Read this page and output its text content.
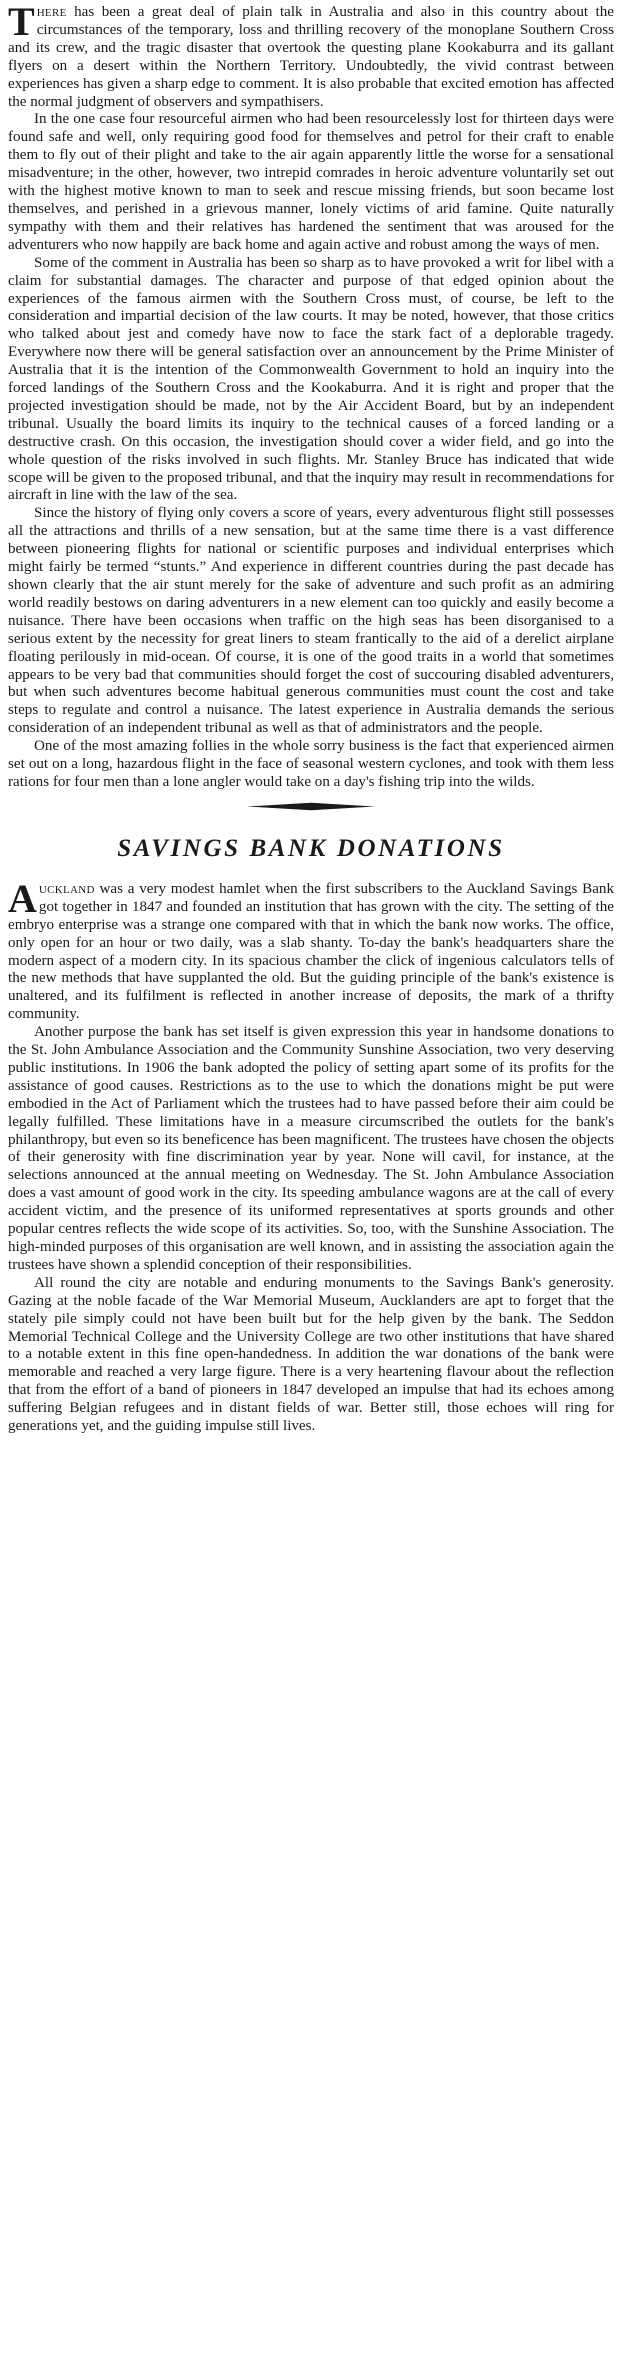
There has been a great deal of plain talk in Australia and also in this country about the circumstances of the temporary, loss and thrilling recovery of the monoplane Southern Cross and its crew, and the tragic disaster that overtook the questing plane Kookaburra and its gallant flyers on a desert within the Northern Territory. Undoubtedly, the vivid contrast between experiences has given a sharp edge to comment. It is also probable that excited emotion has affected the normal judgment of observers and sympathisers.

In the one case four resourceful airmen who had been resourcelessly lost for thirteen days were found safe and well, only requiring good food for themselves and petrol for their craft to enable them to fly out of their plight and take to the air again apparently little the worse for a sensational misadventure; in the other, however, two intrepid comrades in heroic adventure voluntarily set out with the highest motive known to man to seek and rescue missing friends, but soon became lost themselves, and perished in a grievous manner, lonely victims of arid famine. Quite naturally sympathy with them and their relatives has hardened the sentiment that was aroused for the adventurers who now happily are back home and again active and robust among the ways of men.

Some of the comment in Australia has been so sharp as to have provoked a writ for libel with a claim for substantial damages. The character and purpose of that edged opinion about the experiences of the famous airmen with the Southern Cross must, of course, be left to the consideration and impartial decision of the law courts. It may be noted, however, that those critics who talked about jest and comedy have now to face the stark fact of a deplorable tragedy. Everywhere now there will be general satisfaction over an announcement by the Prime Minister of Australia that it is the intention of the Commonwealth Government to hold an inquiry into the forced landings of the Southern Cross and the Kookaburra. And it is right and proper that the projected investigation should be made, not by the Air Accident Board, but by an independent tribunal. Usually the board limits its inquiry to the technical causes of a forced landing or a destructive crash. On this occasion, the investigation should cover a wider field, and go into the whole question of the risks involved in such flights. Mr. Stanley Bruce has indicated that wide scope will be given to the proposed tribunal, and that the inquiry may result in recommendations for aircraft in line with the law of the sea.

Since the history of flying only covers a score of years, every adventurous flight still possesses all the attractions and thrills of a new sensation, but at the same time there is a vast difference between pioneering flights for national or scientific purposes and individual enterprises which might fairly be termed “stunts.” And experience in different countries during the past decade has shown clearly that the air stunt merely for the sake of adventure and such profit as an admiring world readily bestows on daring adventurers in a new element can too quickly and easily become a nuisance. There have been occasions when traffic on the high seas has been disorganised to a serious extent by the necessity for great liners to steam frantically to the aid of a derelict airplane floating perilously in mid-ocean. Of course, it is one of the good traits in a world that sometimes appears to be very bad that communities should forget the cost of succouring disabled adventurers, but when such adventures become habitual generous communities must count the cost and take steps to regulate and control a nuisance. The latest experience in Australia demands the serious consideration of an independent tribunal as well as that of administrators and the people.

One of the most amazing follies in the whole sorry business is the fact that experienced airmen set out on a long, hazardous flight in the face of seasonal western cyclones, and took with them less rations for four men than a lone angler would take on a day's fishing trip into the wilds.

SAVINGS BANK DONATIONS

Auckland was a very modest hamlet when the first subscribers to the Auckland Savings Bank got together in 1847 and founded an institution that has grown with the city. The setting of the embryo enterprise was a strange one compared with that in which the bank now works. The office, only open for an hour or two daily, was a slab shanty. To-day the bank's headquarters share the modern aspect of a modern city. In its spacious chamber the click of ingenious calculators tells of the new methods that have supplanted the old. But the guiding principle of the bank's existence is unaltered, and its fulfilment is reflected in another increase of deposits, the mark of a thrifty community.

Another purpose the bank has set itself is given expression this year in handsome donations to the St. John Ambulance Association and the Community Sunshine Association, two very deserving public institutions. In 1906 the bank adopted the policy of setting apart some of its profits for the assistance of good causes. Restrictions as to the use to which the donations might be put were embodied in the Act of Parliament which the trustees had to have passed before their aim could be legally fulfilled. These limitations have in a measure circumscribed the outlets for the bank's philanthropy, but even so its beneficence has been magnificent. The trustees have chosen the objects of their generosity with fine discrimination year by year. None will cavil, for instance, at the selections announced at the annual meeting on Wednesday. The St. John Ambulance Association does a vast amount of good work in the city. Its speeding ambulance wagons are at the call of every accident victim, and the presence of its uniformed representatives at sports grounds and other popular centres reflects the wide scope of its activities. So, too, with the Sunshine Association. The high-minded purposes of this organisation are well known, and in assisting the association again the trustees have shown a splendid conception of their responsibilities.

All round the city are notable and enduring monuments to the Savings Bank's generosity. Gazing at the noble facade of the War Memorial Museum, Aucklanders are apt to forget that the stately pile simply could not have been built but for the help given by the bank. The Seddon Memorial Technical College and the University College are two other institutions that have shared to a notable extent in this fine open-handedness. In addition the war donations of the bank were memorable and reached a very large figure. There is a very heartening flavour about the reflection that from the effort of a band of pioneers in 1847 developed an impulse that had its echoes among suffering Belgian refugees and in distant fields of war. Better still, those echoes will ring for generations yet, and the guiding impulse still lives.
